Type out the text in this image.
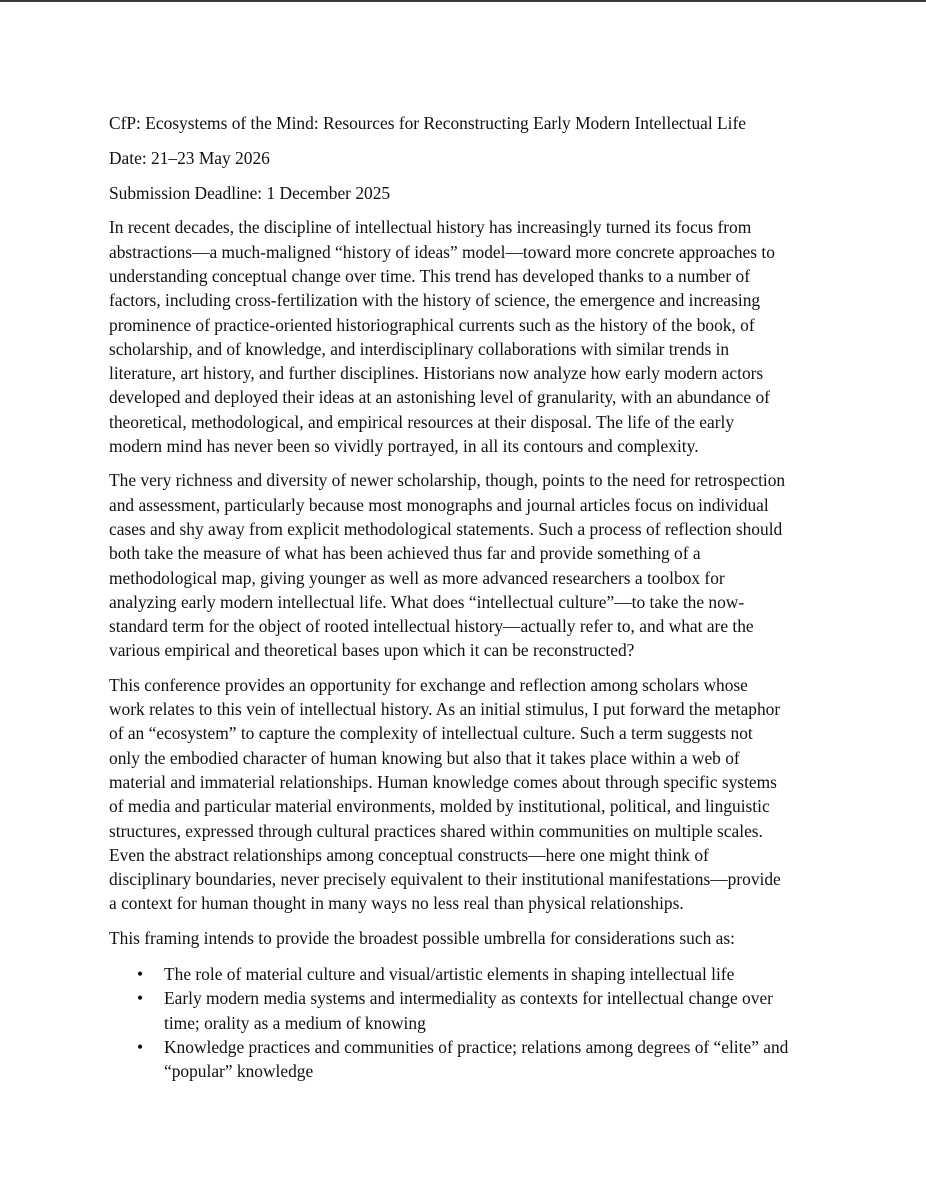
CfP: Ecosystems of the Mind: Resources for Reconstructing Early Modern Intellectual Life
Date: 21–23 May 2026
Submission Deadline: 1 December 2025
In recent decades, the discipline of intellectual history has increasingly turned its focus from
abstractions—a much-maligned “history of ideas” model—toward more concrete approaches to
understanding conceptual change over time. This trend has developed thanks to a number of
factors, including cross-fertilization with the history of science, the emergence and increasing
prominence of practice-oriented historiographical currents such as the history of the book, of
scholarship, and of knowledge, and interdisciplinary collaborations with similar trends in
literature, art history, and further disciplines. Historians now analyze how early modern actors
developed and deployed their ideas at an astonishing level of granularity, with an abundance of
theoretical, methodological, and empirical resources at their disposal. The life of the early
modern mind has never been so vividly portrayed, in all its contours and complexity.
The very richness and diversity of newer scholarship, though, points to the need for retrospection
and assessment, particularly because most monographs and journal articles focus on individual
cases and shy away from explicit methodological statements. Such a process of reflection should
both take the measure of what has been achieved thus far and provide something of a
methodological map, giving younger as well as more advanced researchers a toolbox for
analyzing early modern intellectual life. What does “intellectual culture”—to take the now-
standard term for the object of rooted intellectual history—actually refer to, and what are the
various empirical and theoretical bases upon which it can be reconstructed?
This conference provides an opportunity for exchange and reflection among scholars whose
work relates to this vein of intellectual history. As an initial stimulus, I put forward the metaphor
of an “ecosystem” to capture the complexity of intellectual culture. Such a term suggests not
only the embodied character of human knowing but also that it takes place within a web of
material and immaterial relationships. Human knowledge comes about through specific systems
of media and particular material environments, molded by institutional, political, and linguistic
structures, expressed through cultural practices shared within communities on multiple scales.
Even the abstract relationships among conceptual constructs—here one might think of
disciplinary boundaries, never precisely equivalent to their institutional manifestations—provide
a context for human thought in many ways no less real than physical relationships.
This framing intends to provide the broadest possible umbrella for considerations such as:
• The role of material culture and visual/artistic elements in shaping intellectual life
• Early modern media systems and intermediality as contexts for intellectual change over
time; orality as a medium of knowing
• Knowledge practices and communities of practice; relations among degrees of “elite” and
“popular” knowledge
